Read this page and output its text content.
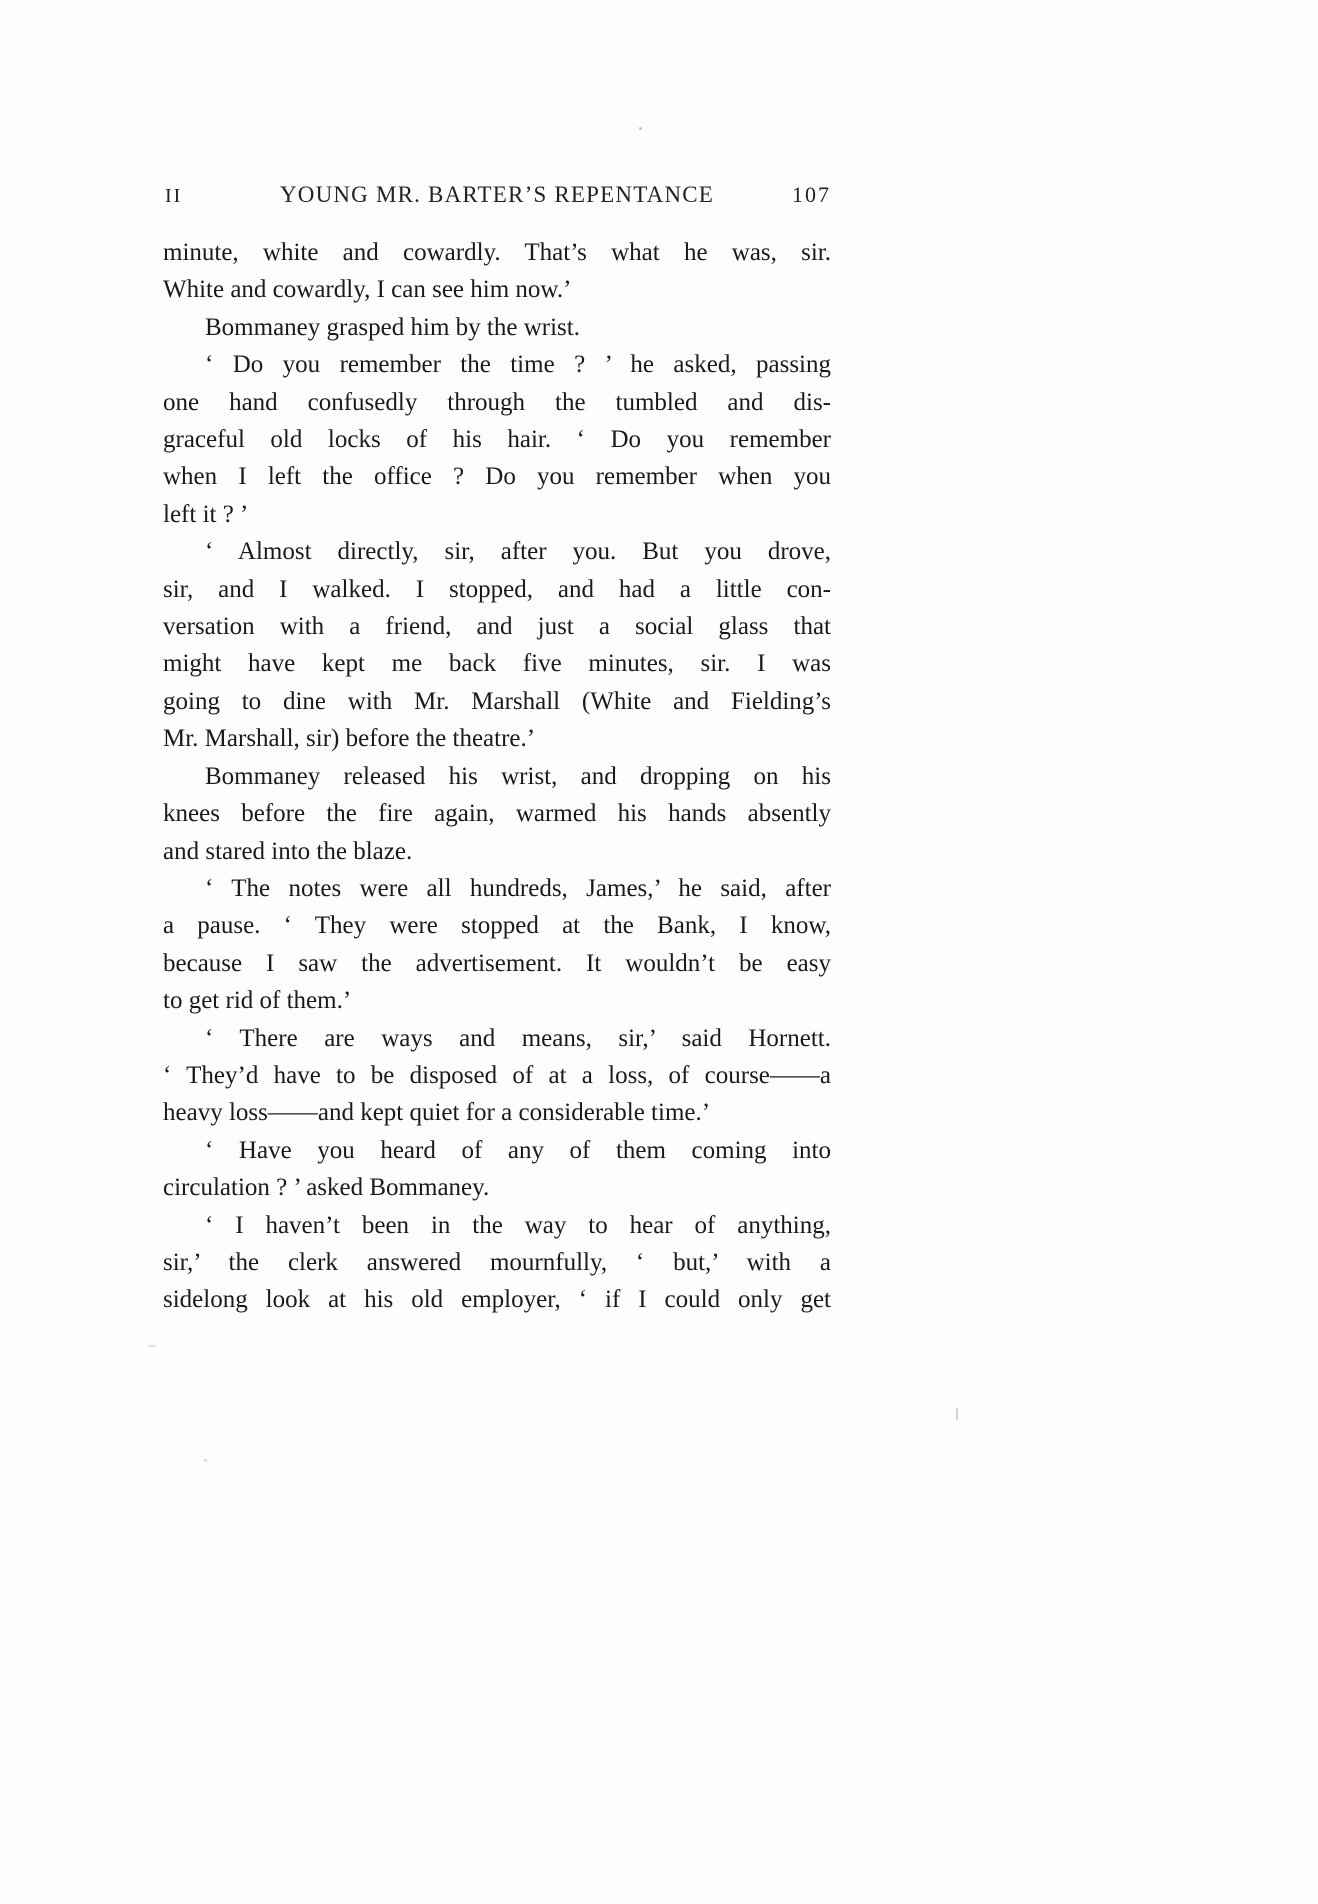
II	YOUNG MR. BARTER’S REPENTANCE	107
minute, white and cowardly. That’s what he was, sir.
White and cowardly, I can see him now.’
Bommaney grasped him by the wrist.
‘ Do you remember the time ? ’ he asked, passing
one hand confusedly through the tumbled and dis-
graceful old locks of his hair. ‘ Do you remember
when I left the office ? Do you remember when you
left it ? ’
‘ Almost directly, sir, after you. But you drove,
sir, and I walked. I stopped, and had a little con-
versation with a friend, and just a social glass that
might have kept me back five minutes, sir. I was
going to dine with Mr. Marshall (White and Fielding’s
Mr. Marshall, sir) before the theatre.’
Bommaney released his wrist, and dropping on his
knees before the fire again, warmed his hands absently
and stared into the blaze.
‘ The notes were all hundreds, James,’ he said, after
a pause. ‘ They were stopped at the Bank, I know,
because I saw the advertisement. It wouldn’t be easy
to get rid of them.’
‘ There are ways and means, sir,’ said Hornett.
‘ They’d have to be disposed of at a loss, of course——a
heavy loss——and kept quiet for a considerable time.’
‘ Have you heard of any of them coming into
circulation ? ’ asked Bommaney.
‘ I haven’t been in the way to hear of anything,
sir,’ the clerk answered mournfully, ‘ but,’ with a
sidelong look at his old employer, ‘ if I could only get
